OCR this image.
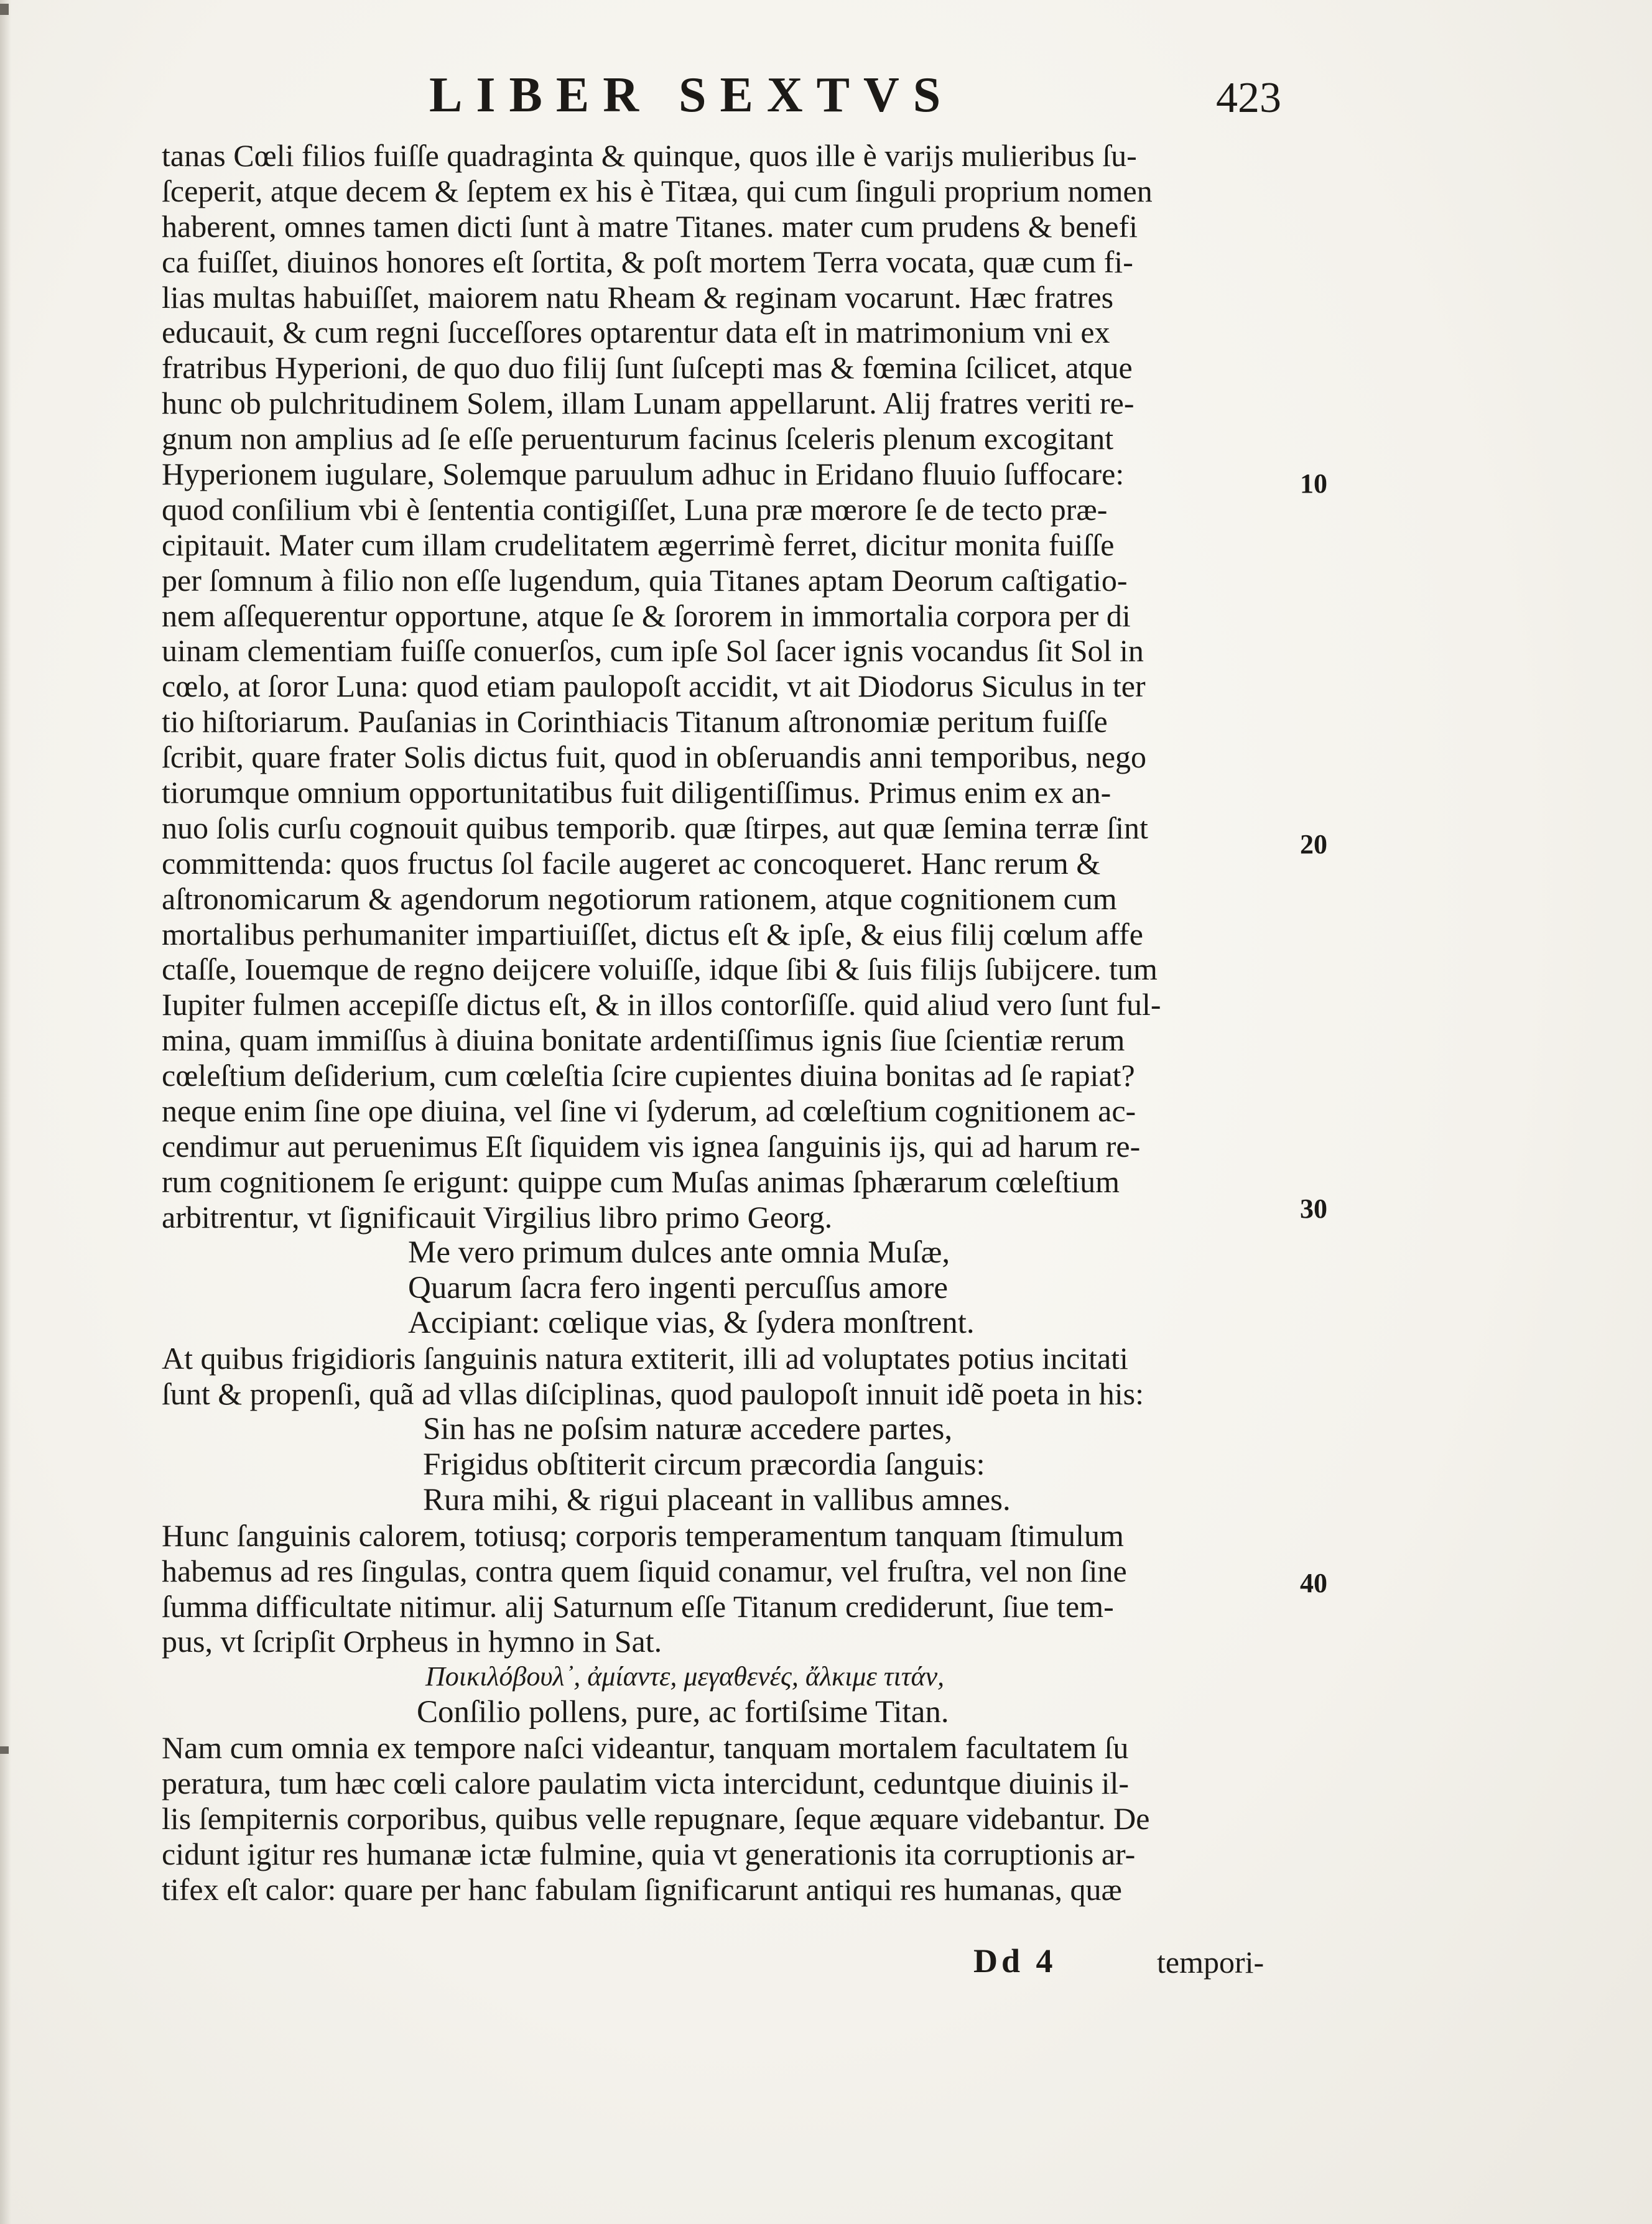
LIBER SEXTVS	423
tanas Cœli filios fuiſſe quadraginta & quinque, quos ille è varijs mulieribus ſu-
ſceperit, atque decem & ſeptem ex his è Titæa, qui cum ſinguli proprium nomen
haberent, omnes tamen dicti ſunt à matre Titanes. mater cum prudens & benefi
ca fuiſſet, diuinos honores eſt ſortita, & poſt mortem Terra vocata, quæ cum fi-
lias multas habuiſſet, maiorem natu Rheam & reginam vocarunt. Hæc fratres
educauit, & cum regni ſucceſſores optarentur data eſt in matrimonium vni ex
fratribus Hyperioni, de quo duo filij ſunt ſuſcepti mas & fœmina ſcilicet, atque
hunc ob pulchritudinem Solem, illam Lunam appellarunt. Alij fratres veriti re-
gnum non amplius ad ſe eſſe peruenturum facinus ſceleris plenum excogitant
Hyperionem iugulare, Solemque paruulum adhuc in Eridano fluuio ſuffocare:
quod conſilium vbi è ſententia contigiſſet, Luna præ mœrore ſe de tecto præ-
cipitauit. Mater cum illam crudelitatem ægerrimè ferret, dicitur monita fuiſſe
per ſomnum à filio non eſſe lugendum, quia Titanes aptam Deorum caſtigatio-
nem aſſequerentur opportune, atque ſe & ſororem in immortalia corpora per di
uinam clementiam fuiſſe conuerſos, cum ipſe Sol ſacer ignis vocandus ſit Sol in
cœlo, at ſoror Luna: quod etiam paulopoſt accidit, vt ait Diodorus Siculus in ter
tio hiſtoriarum. Pauſanias in Corinthiacis Titanum aſtronomiæ peritum fuiſſe
ſcribit, quare frater Solis dictus fuit, quod in obſeruandis anni temporibus, nego
tiorumque omnium opportunitatibus fuit diligentiſſimus. Primus enim ex an-
nuo ſolis curſu cognouit quibus temporib. quæ ſtirpes, aut quæ ſemina terræ ſint
committenda: quos fructus ſol facile augeret ac concoqueret. Hanc rerum &
aſtronomicarum & agendorum negotiorum rationem, atque cognitionem cum
mortalibus perhumaniter impartiuiſſet, dictus eſt & ipſe, & eius filij cœlum affe
ctaſſe, Iouemque de regno deijcere voluiſſe, idque ſibi & ſuis filijs ſubijcere. tum
Iupiter fulmen accepiſſe dictus eſt, & in illos contorſiſſe. quid aliud vero ſunt ful-
mina, quam immiſſus à diuina bonitate ardentiſſimus ignis ſiue ſcientiæ rerum
cœleſtium deſiderium, cum cœleſtia ſcire cupientes diuina bonitas ad ſe rapiat?
neque enim ſine ope diuina, vel ſine vi ſyderum, ad cœleſtium cognitionem ac-
cendimur aut peruenimus Eſt ſiquidem vis ignea ſanguinis ijs, qui ad harum re-
rum cognitionem ſe erigunt: quippe cum Muſas animas ſphærarum cœleſtium
arbitrentur, vt ſignificauit Virgilius libro primo Georg.
Me vero primum dulces ante omnia Muſæ,
Quarum ſacra fero ingenti percuſſus amore
Accipiant: cœlique vias, & ſydera monſtrent.
At quibus frigidioris ſanguinis natura extiterit, illi ad voluptates potius incitati
ſunt & propenſi, quã ad vllas diſciplinas, quod paulopoſt innuit idẽ poeta in his:
Sin has ne poſsim naturæ accedere partes,
Frigidus obſtiterit circum præcordia ſanguis:
Rura mihi, & rigui placeant in vallibus amnes.
Hunc ſanguinis calorem, totiusq; corporis temperamentum tanquam ſtimulum
habemus ad res ſingulas, contra quem ſiquid conamur, vel fruſtra, vel non ſine
ſumma difficultate nitimur. alij Saturnum eſſe Titanum crediderunt, ſiue tem-
pus, vt ſcripſit Orpheus in hymno in Sat.
Ποικιλόβουλ᾽, ἀμίαντε, μεγαθενές, ἄλκιμε τιτάν,
Conſilio pollens, pure, ac fortiſsime Titan.
Nam cum omnia ex tempore naſci videantur, tanquam mortalem facultatem ſu
peratura, tum hæc cœli calore paulatim victa intercidunt, ceduntque diuinis il-
lis ſempiternis corporibus, quibus velle repugnare, ſeque æquare videbantur. De
cidunt igitur res humanæ ictæ fulmine, quia vt generationis ita corruptionis ar-
tifex eſt calor: quare per hanc fabulam ſignificarunt antiqui res humanas, quæ
10
20
30
40
Dd 4	tempori-
